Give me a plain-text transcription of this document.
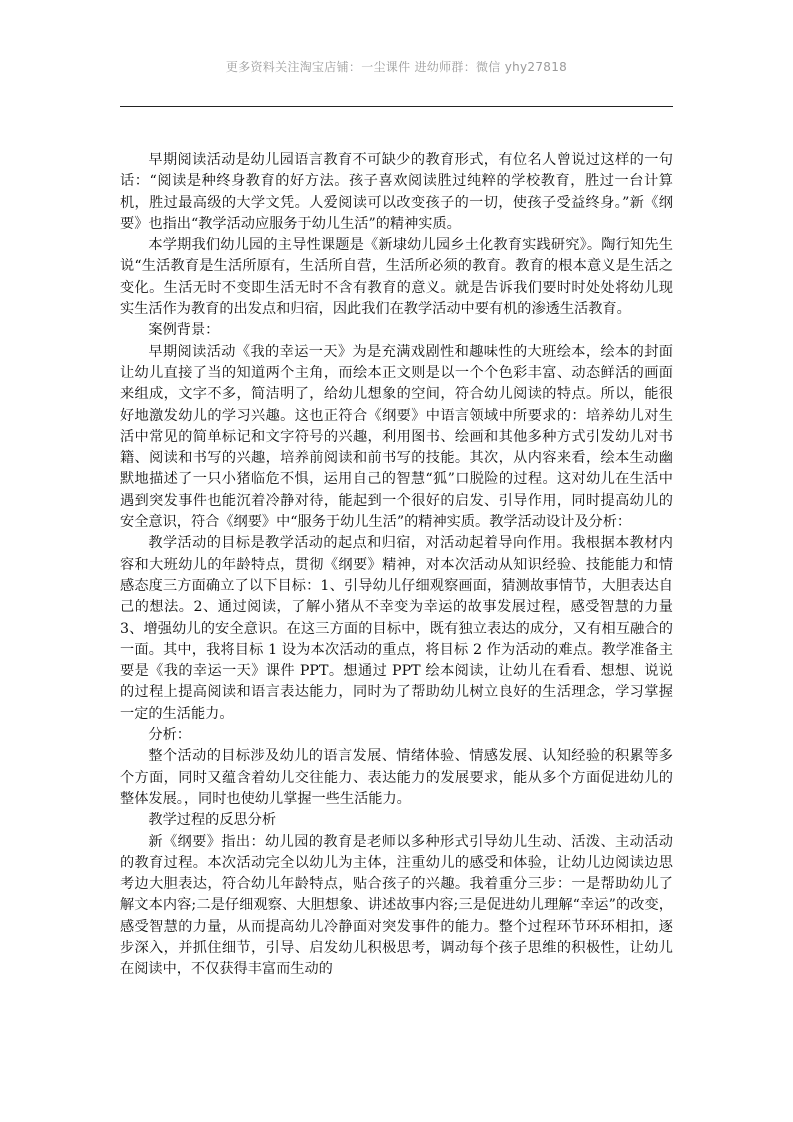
更多资料关注淘宝店铺：一尘课件 进幼师群：微信 yhy27818

早期阅读活动是幼儿园语言教育不可缺少的教育形式，有位名人曾说过这样的一句话：“阅读是种终身教育的好方法。孩子喜欢阅读胜过纯粹的学校教育，胜过一台计算机，胜过最高级的大学文凭。人爱阅读可以改变孩子的一切，使孩子受益终身。”新《纲要》也指出“教学活动应服务于幼儿生活”的精神实质。

本学期我们幼儿园的主导性课题是《新埭幼儿园乡土化教育实践研究》。陶行知先生说“生活教育是生活所原有，生活所自营，生活所必须的教育。教育的根本意义是生活之变化。生活无时不变即生活无时不含有教育的意义。就是告诉我们要时时处处将幼儿现实生活作为教育的出发点和归宿，因此我们在教学活动中要有机的渗透生活教育。

案例背景：

早期阅读活动《我的幸运一天》为是充满戏剧性和趣味性的大班绘本，绘本的封面让幼儿直接了当的知道两个主角，而绘本正文则是以一个个色彩丰富、动态鲜活的画面来组成，文字不多，简洁明了，给幼儿想象的空间，符合幼儿阅读的特点。所以，能很好地激发幼儿的学习兴趣。这也正符合《纲要》中语言领域中所要求的：培养幼儿对生活中常见的简单标记和文字符号的兴趣，利用图书、绘画和其他多种方式引发幼儿对书籍、阅读和书写的兴趣，培养前阅读和前书写的技能。其次，从内容来看，绘本生动幽默地描述了一只小猪临危不惧，运用自己的智慧“狐”口脱险的过程。这对幼儿在生活中遇到突发事件也能沉着冷静对待，能起到一个很好的启发、引导作用，同时提高幼儿的安全意识，符合《纲要》中“服务于幼儿生活”的精神实质。教学活动设计及分析：

教学活动的目标是教学活动的起点和归宿，对活动起着导向作用。我根据本教材内容和大班幼儿的年龄特点，贯彻《纲要》精神，对本次活动从知识经验、技能能力和情感态度三方面确立了以下目标：1、引导幼儿仔细观察画面，猜测故事情节，大胆表达自己的想法。2、通过阅读，了解小猪从不幸变为幸运的故事发展过程，感受智慧的力量 3、增强幼儿的安全意识。在这三方面的目标中，既有独立表达的成分，又有相互融合的一面。其中，我将目标 1 设为本次活动的重点，将目标 2 作为活动的难点。教学准备主要是《我的幸运一天》课件 PPT。想通过 PPT 绘本阅读，让幼儿在看看、想想、说说的过程上提高阅读和语言表达能力，同时为了帮助幼儿树立良好的生活理念，学习掌握一定的生活能力。

分析：

整个活动的目标涉及幼儿的语言发展、情绪体验、情感发展、认知经验的积累等多个方面，同时又蕴含着幼儿交往能力、表达能力的发展要求，能从多个方面促进幼儿的整体发展。，同时也使幼儿掌握一些生活能力。

教学过程的反思分析

新《纲要》指出：幼儿园的教育是老师以多种形式引导幼儿生动、活泼、主动活动的教育过程。本次活动完全以幼儿为主体，注重幼儿的感受和体验，让幼儿边阅读边思考边大胆表达，符合幼儿年龄特点，贴合孩子的兴趣。我着重分三步：一是帮助幼儿了解文本内容;二是仔细观察、大胆想象、讲述故事内容;三是促进幼儿理解“幸运”的改变，感受智慧的力量，从而提高幼儿冷静面对突发事件的能力。整个过程环节环环相扣，逐步深入，并抓住细节，引导、启发幼儿积极思考，调动每个孩子思维的积极性，让幼儿在阅读中，不仅获得丰富而生动的
